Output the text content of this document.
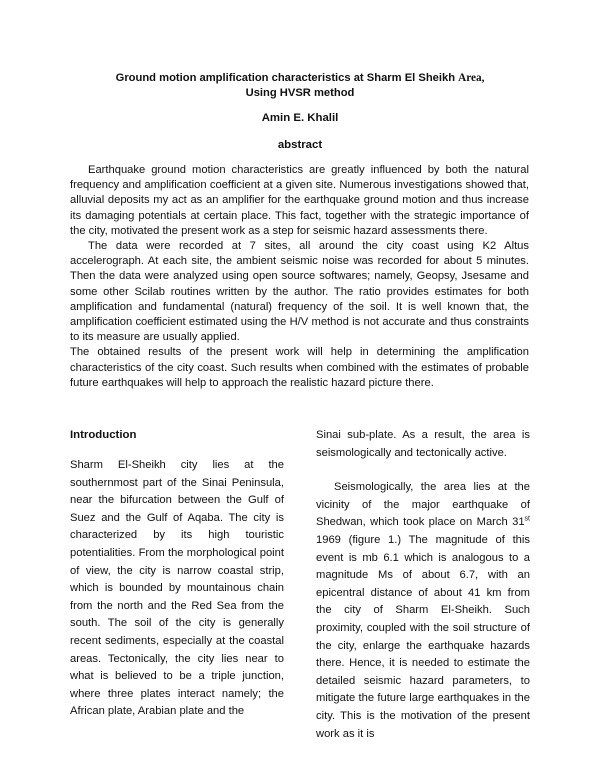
Ground motion amplification characteristics at Sharm El Sheikh Area,
Using HVSR method
Amin E. Khalil
abstract

Earthquake ground motion characteristics are greatly influenced by both the natural frequency and amplification coefficient at a given site. Numerous investigations showed that, alluvial deposits my act as an amplifier for the earthquake ground motion and thus increase its damaging potentials at certain place. This fact, together with the strategic importance of the city, motivated the present work as a step for seismic hazard assessments there.

The data were recorded at 7 sites, all around the city coast using K2 Altus accelerograph. At each site, the ambient seismic noise was recorded for about 5 minutes. Then the data were analyzed using open source softwares; namely, Geopsy, Jsesame and some other Scilab routines written by the author. The ratio provides estimates for both amplification and fundamental (natural) frequency of the soil. It is well known that, the amplification coefficient estimated using the H/V method is not accurate and thus constraints to its measure are usually applied.

The obtained results of the present work will help in determining the amplification characteristics of the city coast. Such results when combined with the estimates of probable future earthquakes will help to approach the realistic hazard picture there.

Introduction

Sharm El-Sheikh city lies at the southernmost part of the Sinai Peninsula, near the bifurcation between the Gulf of Suez and the Gulf of Aqaba. The city is characterized by its high touristic potentialities. From the morphological point of view, the city is narrow coastal strip, which is bounded by mountainous chain from the north and the Red Sea from the south. The soil of the city is generally recent sediments, especially at the coastal areas. Tectonically, the city lies near to what is believed to be a triple junction, where three plates interact namely; the African plate, Arabian plate and the

Sinai sub-plate. As a result, the area is seismologically and tectonically active.

Seismologically, the area lies at the vicinity of the major earthquake of Shedwan, which took place on March 31st 1969 (figure 1.) The magnitude of this event is mb 6.1 which is analogous to a magnitude Ms of about 6.7, with an epicentral distance of about 41 km from the city of Sharm El-Sheikh. Such proximity, coupled with the soil structure of the city, enlarge the earthquake hazards there. Hence, it is needed to estimate the detailed seismic hazard parameters, to mitigate the future large earthquakes in the city. This is the motivation of the present work as it is
